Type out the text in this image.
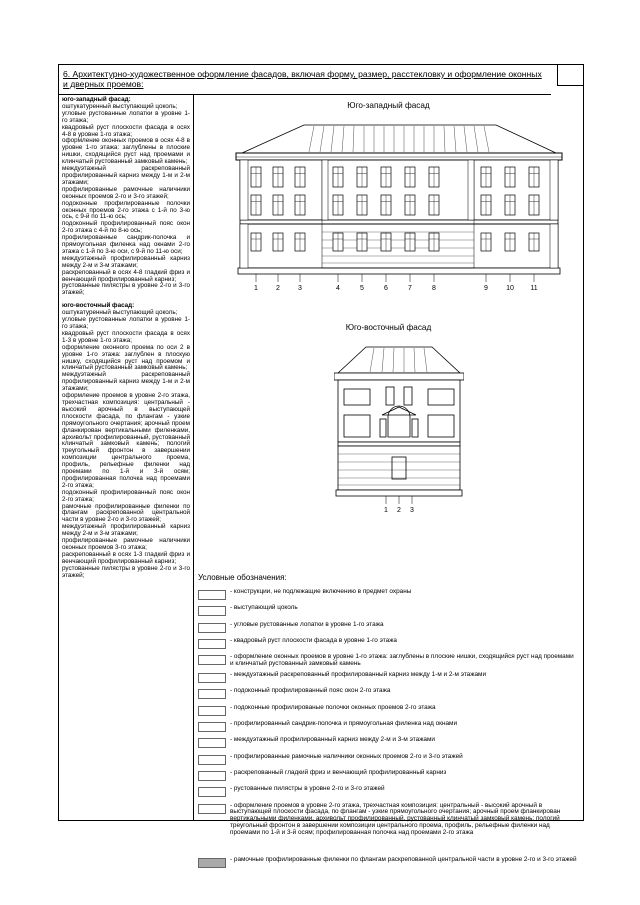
6. Архитектурно-художественное оформление фасадов, включая форму, размер, расстекловку и оформление оконных и дверных проемов:
юго-западный фасад:
оштукатуренный выступающий цоколь;
угловые рустованные лопатки в уровне 1-го этажа;
квадровый руст плоскости фасада в осях 4-8 в уровне 1-го этажа;
оформление оконных проемов в осях 4-8 в уровне 1-го этажа: заглублены в плоские нишки, сходящийся руст над проемами и клинчатый рустованный замковый камень;
междуэтажный раскрепованный профилированный карниз между 1-м и 2-м этажами;
профилированные рамочные наличники оконных проемов 2-го и 3-го этажей;
подоконные профилированные полочки оконных проемов 2-го этажа с 1-й по 3-ю ось, с 9-й по 11-ю ось;
подоконный профилированный пояс окон 2-го этажа с 4-й по 8-ю ось;
профилированные сандрик-полочка и прямоугольная филенка над окнами 2-го этажа с 1-й по 3-ю оси, с 9-й по 11-ю оси;
междуэтажный профилированный карниз между 2-м и 3-м этажами;
раскрепованный в осях 4-8 гладкий фриз и венчающий профилированный карниз;
рустованные пилястры в уровне 2-го и 3-го этажей;
юго-восточный фасад:
оштукатуренный выступающий цоколь;
угловые рустованные лопатки в уровне 1-го этажа;
квадровый руст плоскости фасада в осях 1-3 в уровне 1-го этажа;
оформление оконного проема по оси 2 в уровне 1-го этажа: заглублен в плоскую нишку, сходящийся руст над проемом и клинчатый рустованный замковый камень;
междуэтажный раскрепованный профилированный карниз между 1-м и 2-м этажами;
оформление проемов в уровне 2-го этажа, трехчастная композиция: центральный - высокий арочный в выступающей плоскости фасада, по флангам - узкие прямоугольного очертания; арочный проем фланкирован вертикальными филенками, архивольт профилированный, рустованный клинчатый замковый камень; пологий треугольный фронтон в завершении композиции центрального проема, профиль, рельефные филенки над проемами по 1-й и 3-й осям; профилированная полочка над проемами 2-го этажа;
подоконный профилированный пояс окон 2-го этажа;
рамочные профилированные филенки по флангам раскрепованной центральной части в уровне 2-го и 3-го этажей;
междуэтажный профилированный карниз между 2-м и 3-м этажами;
профилированные рамочные наличники оконных проемов 3-го этажа;
раскрепованный в осях 1-3 гладкий фриз и венчающий профилированный карниз;
рустованные пилястры в уровне 2-го и 3-го этажей;
Юго-западный фасад
1	2	3	4	5	6	7	8	9	10 11
Юго-восточный фасад
1 2 3
Условные обозначения:
- конструкции, не подлежащие включению в предмет охраны
- выступающий цоколь
- угловые рустованные лопатки в уровне 1-го этажа
- квадровый руст плоскости фасада в уровне 1-го этажа
- оформление оконных проемов в уровне 1-го этажа: заглублены в плоские нишки, сходящийся руст над проемами и клинчатый рустованный замковый камень
- междуэтажный раскрепованный профилированный карниз между 1-м и 2-м этажами
- подоконный профилированный пояс окон 2-го этажа
- подоконные профилированые полочки оконных проемов 2-го этажа
- профилированный сандрик-полочка и прямоугольная филенка над окнами
- междуэтажный профилированный карниз между 2-м и 3-м этажами
- профилированные рамочные наличники оконных проемов 2-го и 3-го этажей
- раскрепованный гладкий фриз и венчающий профилированный карниз
- рустованные пилястры в уровне 2-го и 3-го этажей
- оформление проемов в уровне 2-го этажа, трехчастная композиция: центральный - высокий арочный в выступающей плоскости фасада, по флангам - узкие прямоугольного очертания; арочный проем фланкирован вертикальными филенками, архивольт профилированный, рустованный клинчатый замковый камень; пологий треугольный фронтон в завершении композиции центрального проема, профиль, рельефные филенки над проемами по 1-й и 3-й осям; профилированная полочка над проемами 2-го этажа
- рамочные профилированные филенки по флангам раскрепованной центральной части в уровне 2-го и 3-го этажей
